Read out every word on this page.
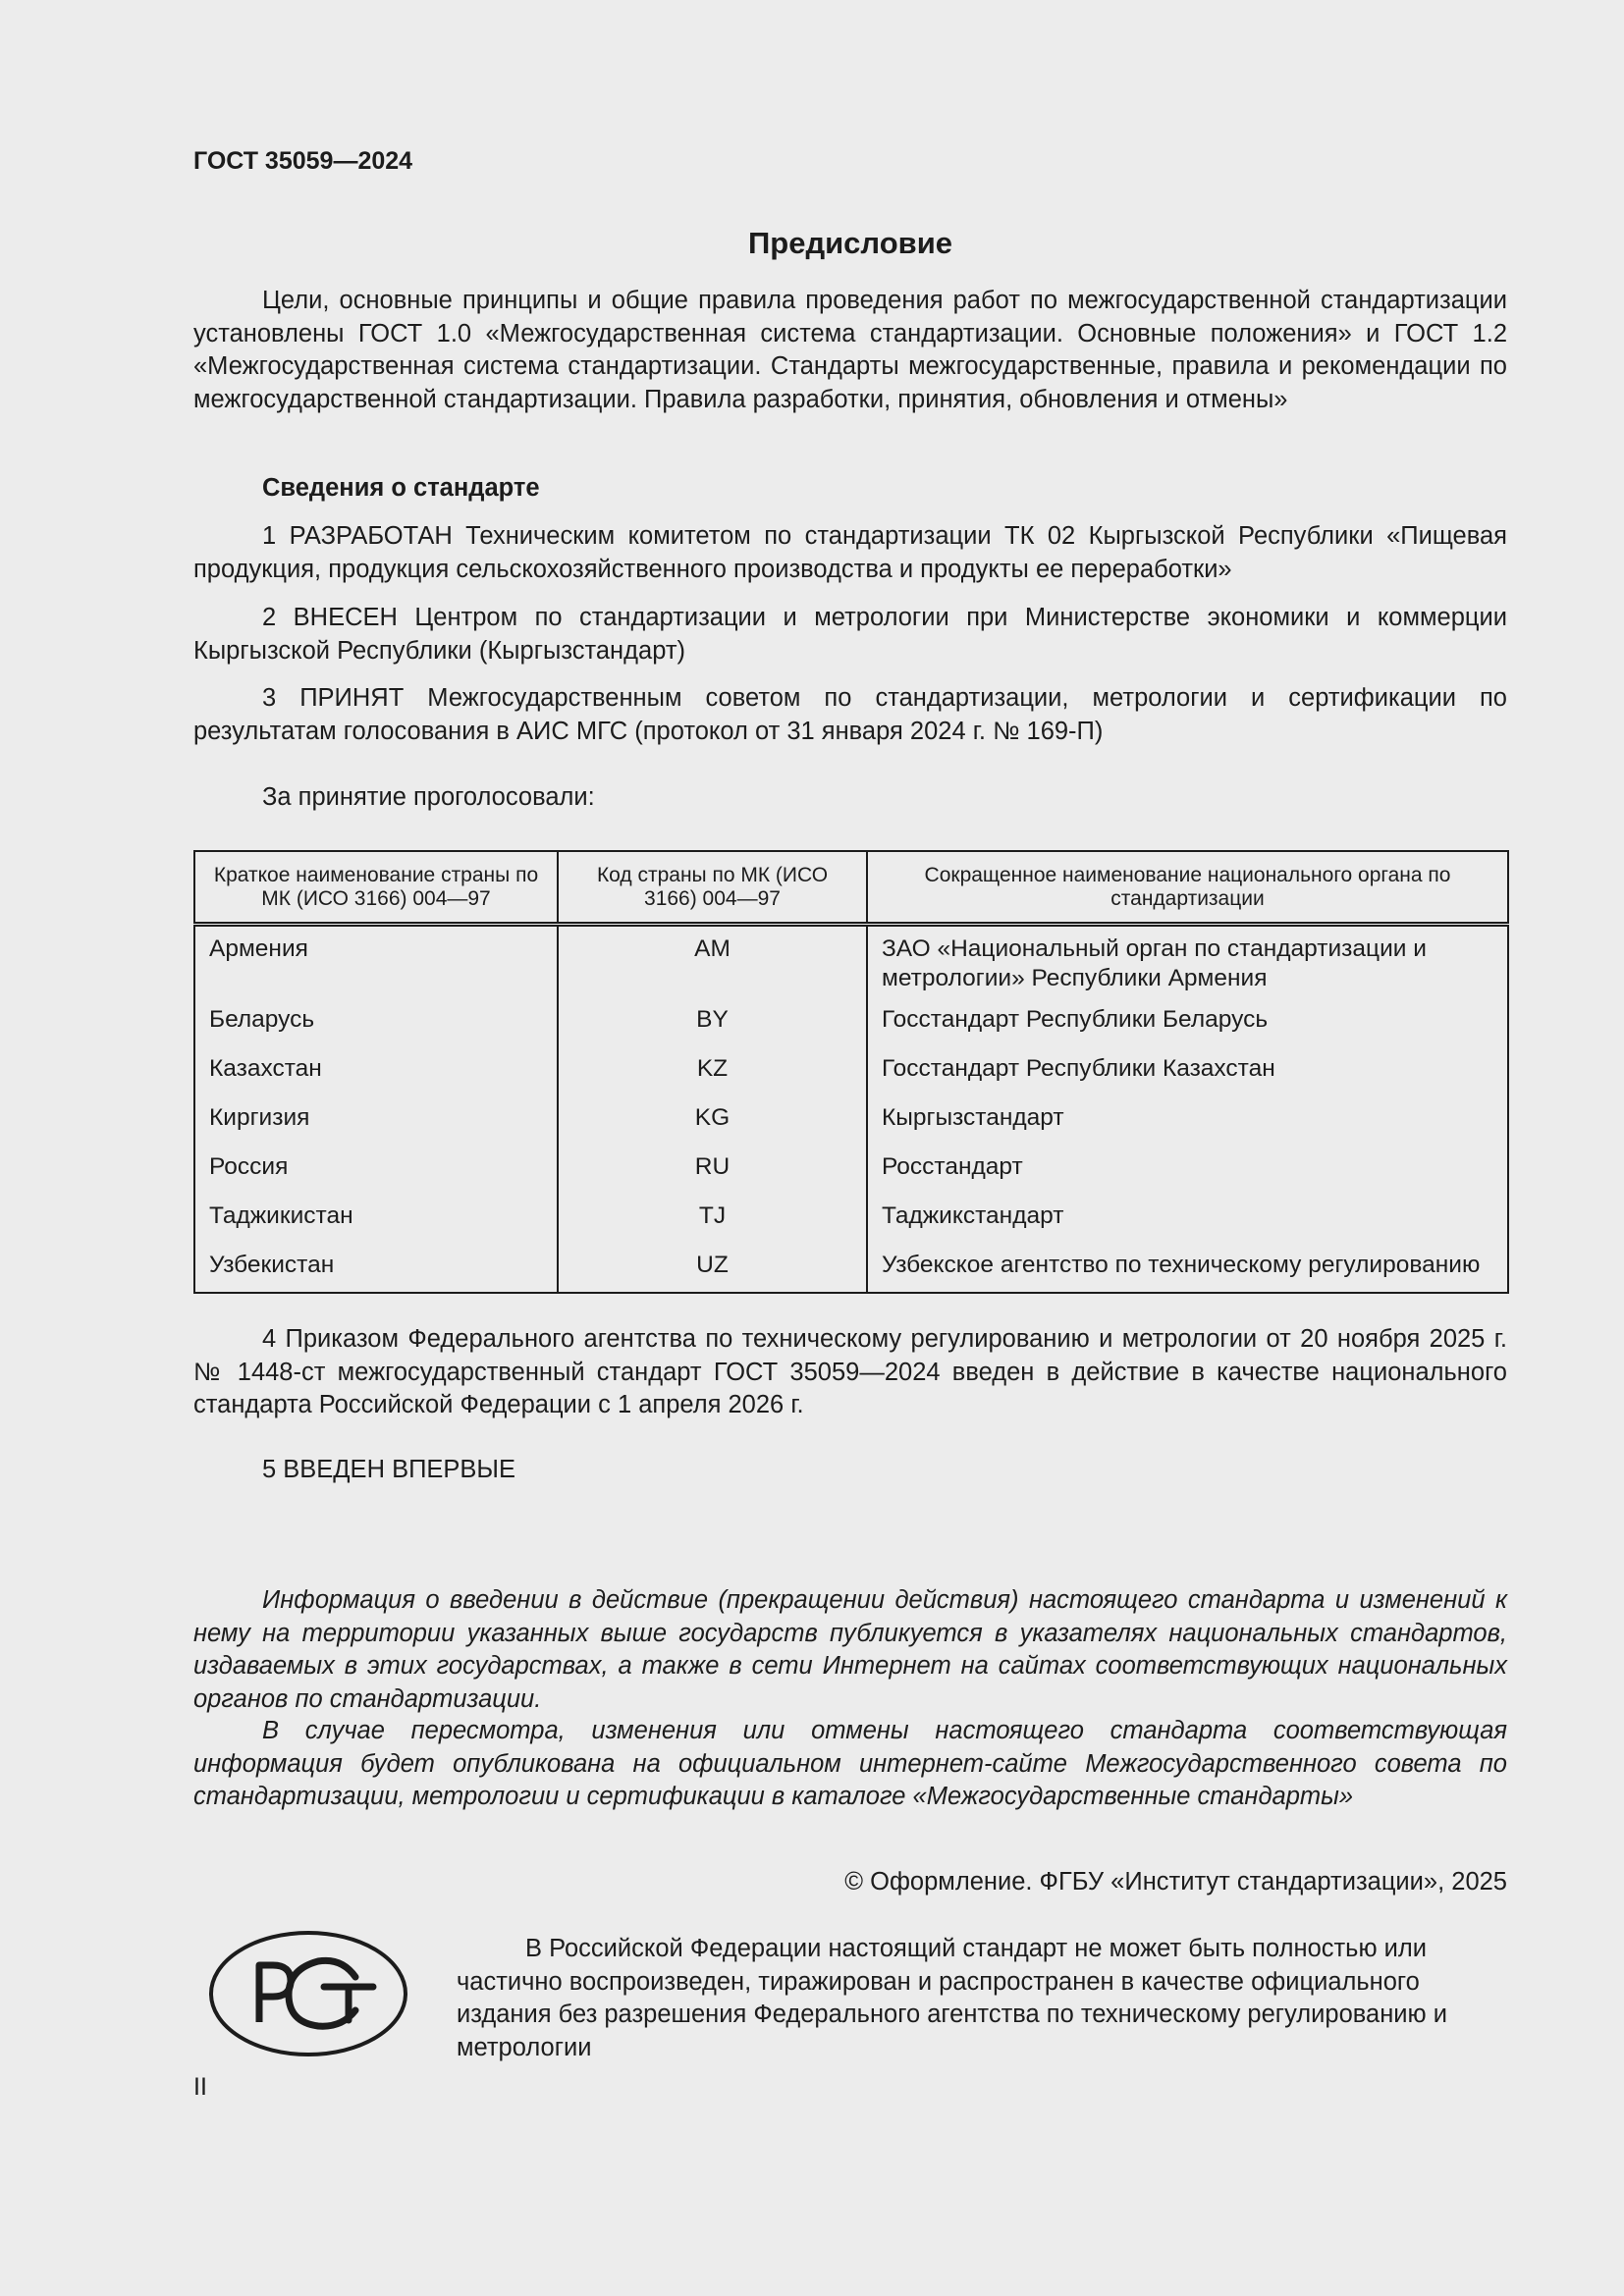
ГОСТ 35059—2024
Предисловие
Цели, основные принципы и общие правила проведения работ по межгосударственной стандартизации установлены ГОСТ 1.0 «Межгосударственная система стандартизации. Основные положения» и ГОСТ 1.2 «Межгосударственная система стандартизации. Стандарты межгосударственные, правила и рекомендации по межгосударственной стандартизации. Правила разработки, принятия, обновления и отмены»
Сведения о стандарте
1 РАЗРАБОТАН Техническим комитетом по стандартизации ТК 02 Кыргызской Республики «Пищевая продукция, продукция сельскохозяйственного производства и продукты ее переработки»
2 ВНЕСЕН Центром по стандартизации и метрологии при Министерстве экономики и коммерции Кыргызской Республики (Кыргызстандарт)
3 ПРИНЯТ Межгосударственным советом по стандартизации, метрологии и сертификации по результатам голосования в АИС МГС (протокол от 31 января 2024 г. № 169-П)
За принятие проголосовали:
Краткое наименование страны по МК (ИСО 3166) 004—97	Код страны по МК (ИСО 3166) 004—97	Сокращенное наименование национального органа по стандартизации
Армения	AM	ЗАО «Национальный орган по стандартизации и метрологии» Республики Армения
Беларусь	BY	Госстандарт Республики Беларусь
Казахстан	KZ	Госстандарт Республики Казахстан
Киргизия	KG	Кыргызстандарт
Россия	RU	Росстандарт
Таджикистан	TJ	Таджикстандарт
Узбекистан	UZ	Узбекское агентство по техническому регулированию
4 Приказом Федерального агентства по техническому регулированию и метрологии от 20 ноября 2025 г. № 1448-ст межгосударственный стандарт ГОСТ 35059—2024 введен в действие в качестве национального стандарта Российской Федерации с 1 апреля 2026 г.
5 ВВЕДЕН ВПЕРВЫЕ
Информация о введении в действие (прекращении действия) настоящего стандарта и изменений к нему на территории указанных выше государств публикуется в указателях национальных стандартов, издаваемых в этих государствах, а также в сети Интернет на сайтах соответствующих национальных органов по стандартизации.
В случае пересмотра, изменения или отмены настоящего стандарта соответствующая информация будет опубликована на официальном интернет-сайте Межгосударственного совета по стандартизации, метрологии и сертификации в каталоге «Межгосударственные стандарты»
© Оформление. ФГБУ «Институт стандартизации», 2025
В Российской Федерации настоящий стандарт не может быть полностью или частично воспроизведен, тиражирован и распространен в качестве официального издания без разрешения Федерального агентства по техническому регулированию и метрологии
II
